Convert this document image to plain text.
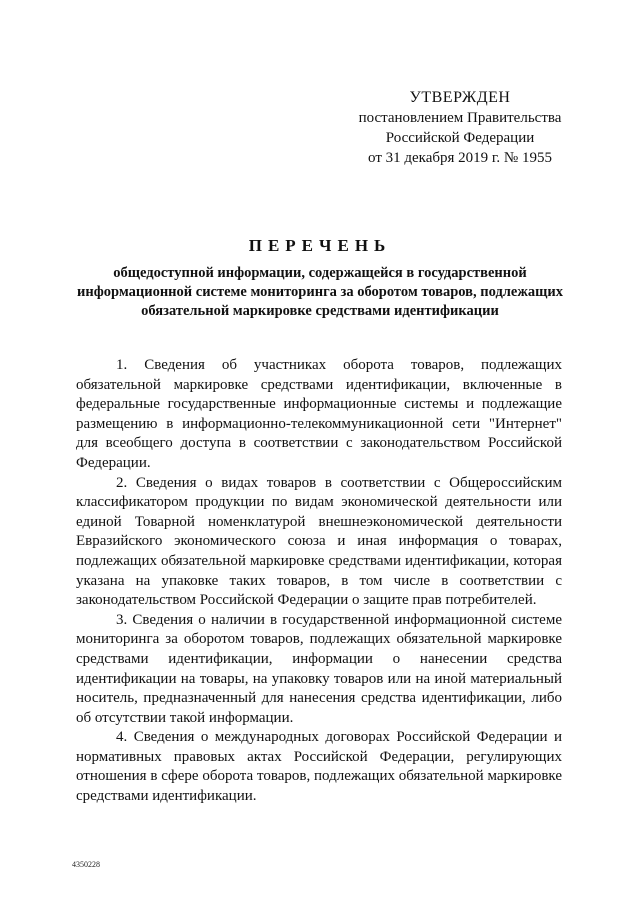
УТВЕРЖДЕН
постановлением Правительства
Российской Федерации
от 31 декабря 2019 г. № 1955
ПЕРЕЧЕНЬ
общедоступной информации, содержащейся в государственной информационной системе мониторинга за оборотом товаров, подлежащих обязательной маркировке средствами идентификации

1. Сведения об участниках оборота товаров, подлежащих обязательной маркировке средствами идентификации, включенные в федеральные государственные информационные системы и подлежащие размещению в информационно-телекоммуникационной сети "Интернет" для всеобщего доступа в соответствии с законодательством Российской Федерации.

2. Сведения о видах товаров в соответствии с Общероссийским классификатором продукции по видам экономической деятельности или единой Товарной номенклатурой внешнеэкономической деятельности Евразийского экономического союза и иная информация о товарах, подлежащих обязательной маркировке средствами идентификации, которая указана на упаковке таких товаров, в том числе в соответствии с законодательством Российской Федерации о защите прав потребителей.

3. Сведения о наличии в государственной информационной системе мониторинга за оборотом товаров, подлежащих обязательной маркировке средствами идентификации, информации о нанесении средства идентификации на товары, на упаковку товаров или на иной материальный носитель, предназначенный для нанесения средства идентификации, либо об отсутствии такой информации.

4. Сведения о международных договорах Российской Федерации и нормативных правовых актах Российской Федерации, регулирующих отношения в сфере оборота товаров, подлежащих обязательной маркировке средствами идентификации.

4350228
